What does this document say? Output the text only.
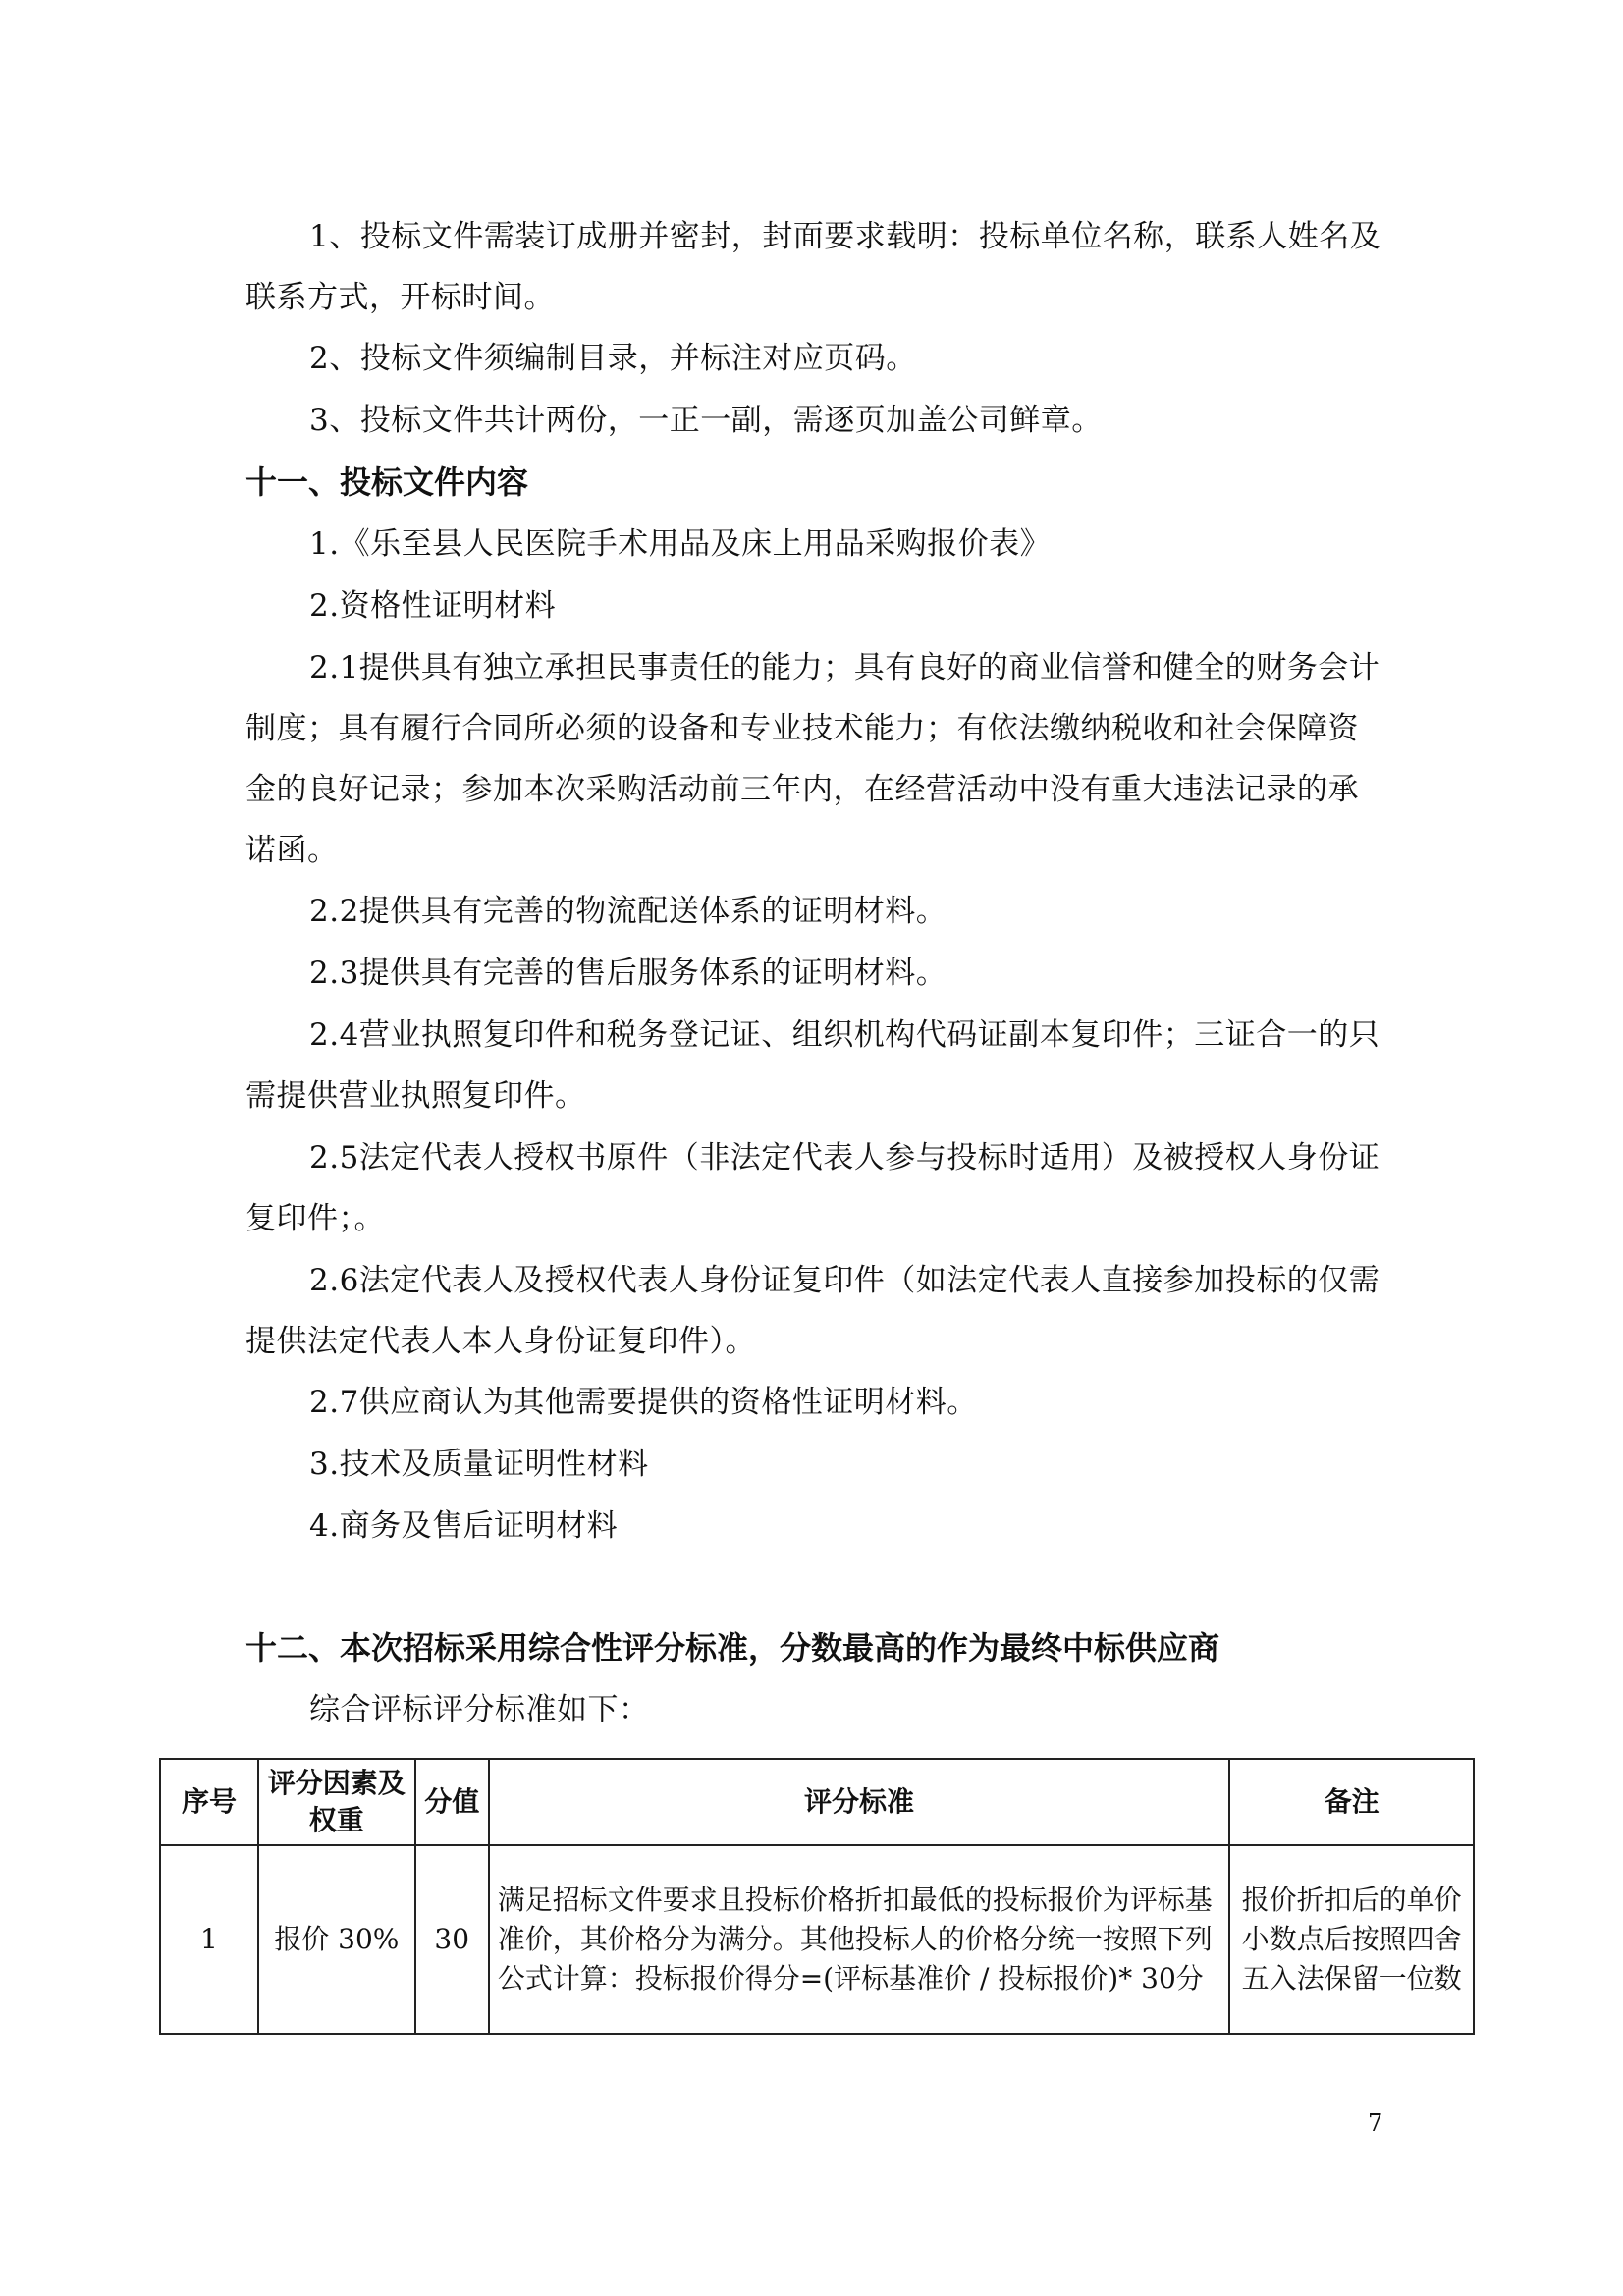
1、投标文件需装订成册并密封，封面要求载明：投标单位名称，联系人姓名及联系方式，开标时间。

2、投标文件须编制目录，并标注对应页码。

3、投标文件共计两份，一正一副，需逐页加盖公司鲜章。

十一、投标文件内容

1.《乐至县人民医院手术用品及床上用品采购报价表》

2.资格性证明材料

2.1提供具有独立承担民事责任的能力；具有良好的商业信誉和健全的财务会计制度；具有履行合同所必须的设备和专业技术能力；有依法缴纳税收和社会保障资金的良好记录；参加本次采购活动前三年内，在经营活动中没有重大违法记录的承诺函。

2.2提供具有完善的物流配送体系的证明材料。

2.3提供具有完善的售后服务体系的证明材料。

2.4营业执照复印件和税务登记证、组织机构代码证副本复印件；三证合一的只需提供营业执照复印件。

2.5法定代表人授权书原件（非法定代表人参与投标时适用）及被授权人身份证复印件；。

2.6法定代表人及授权代表人身份证复印件（如法定代表人直接参加投标的仅需提供法定代表人本人身份证复印件）。

2.7供应商认为其他需要提供的资格性证明材料。

3.技术及质量证明性材料

4.商务及售后证明材料

十二、本次招标采用综合性评分标准，分数最高的作为最终中标供应商

综合评标评分标准如下：

序号	评分因素及权重	分值	评分标准	备注
1	报价 30%	30	满足招标文件要求且投标价格折扣最低的投标报价为评标基准价，其价格分为满分。其他投标人的价格分统一按照下列公式计算：投标报价得分=(评标基准价 / 投标报价)* 30分	报价折扣后的单价小数点后按照四舍五入法保留一位数
7
